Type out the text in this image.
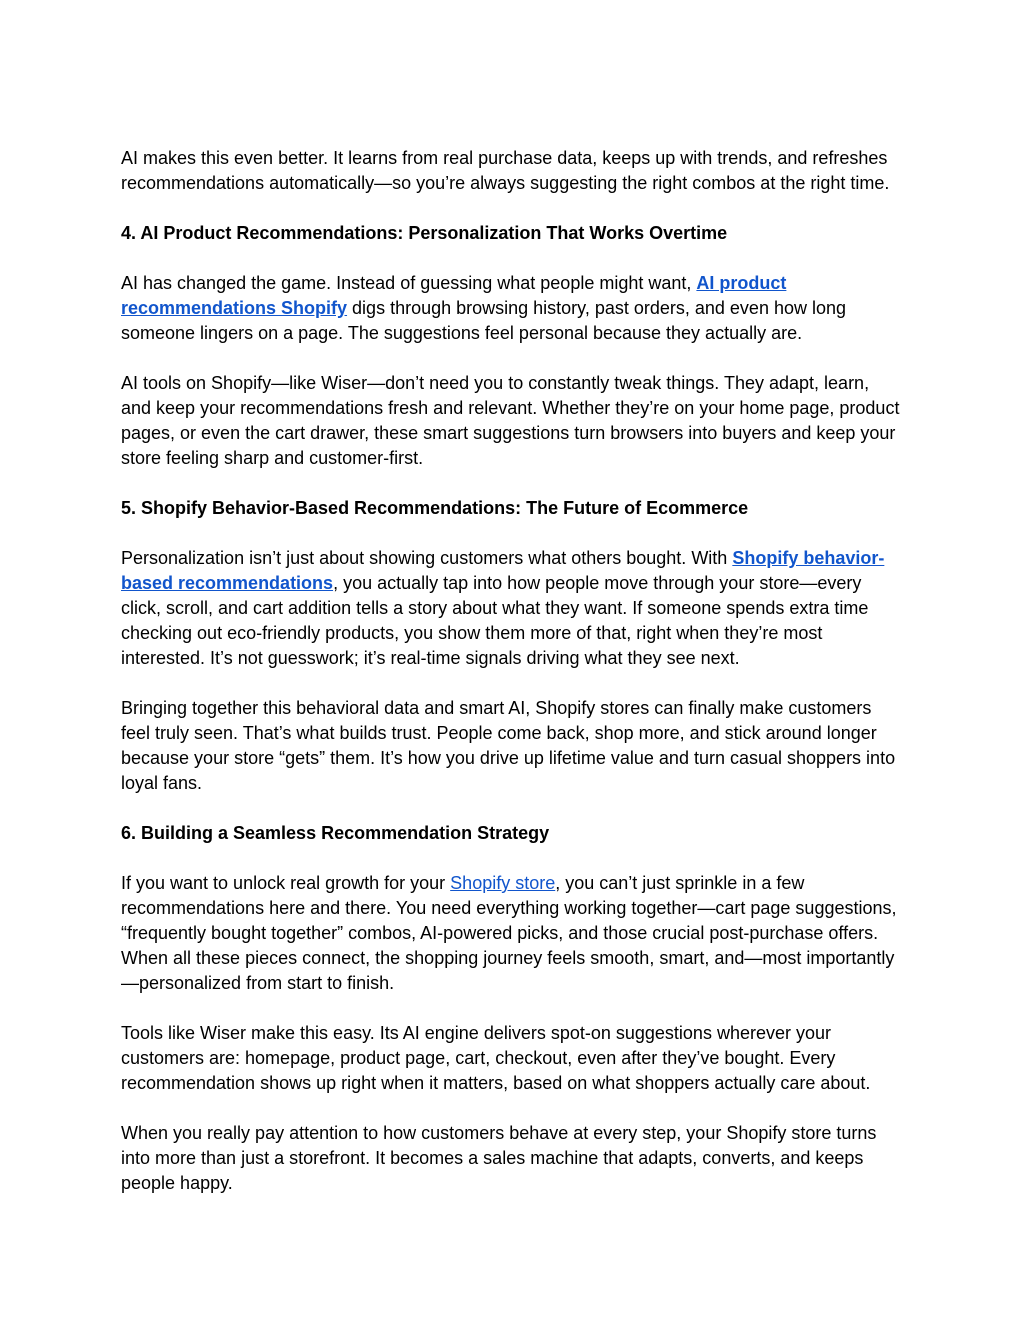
AI makes this even better. It learns from real purchase data, keeps up with trends, and refreshes recommendations automatically—so you’re always suggesting the right combos at the right time.

4. AI Product Recommendations: Personalization That Works Overtime

AI has changed the game. Instead of guessing what people might want, AI product recommendations Shopify digs through browsing history, past orders, and even how long someone lingers on a page. The suggestions feel personal because they actually are.

AI tools on Shopify—like Wiser—don’t need you to constantly tweak things. They adapt, learn, and keep your recommendations fresh and relevant. Whether they’re on your home page, product pages, or even the cart drawer, these smart suggestions turn browsers into buyers and keep your store feeling sharp and customer-first.

5. Shopify Behavior-Based Recommendations: The Future of Ecommerce

Personalization isn’t just about showing customers what others bought. With Shopify behavior-based recommendations, you actually tap into how people move through your store—every click, scroll, and cart addition tells a story about what they want. If someone spends extra time checking out eco-friendly products, you show them more of that, right when they’re most interested. It’s not guesswork; it’s real-time signals driving what they see next.

Bringing together this behavioral data and smart AI, Shopify stores can finally make customers feel truly seen. That’s what builds trust. People come back, shop more, and stick around longer because your store “gets” them. It’s how you drive up lifetime value and turn casual shoppers into loyal fans.

6. Building a Seamless Recommendation Strategy

If you want to unlock real growth for your Shopify store, you can’t just sprinkle in a few recommendations here and there. You need everything working together—cart page suggestions, “frequently bought together” combos, AI-powered picks, and those crucial post-purchase offers. When all these pieces connect, the shopping journey feels smooth, smart, and—most importantly—personalized from start to finish.

Tools like Wiser make this easy. Its AI engine delivers spot-on suggestions wherever your customers are: homepage, product page, cart, checkout, even after they’ve bought. Every recommendation shows up right when it matters, based on what shoppers actually care about.

When you really pay attention to how customers behave at every step, your Shopify store turns into more than just a storefront. It becomes a sales machine that adapts, converts, and keeps people happy.
